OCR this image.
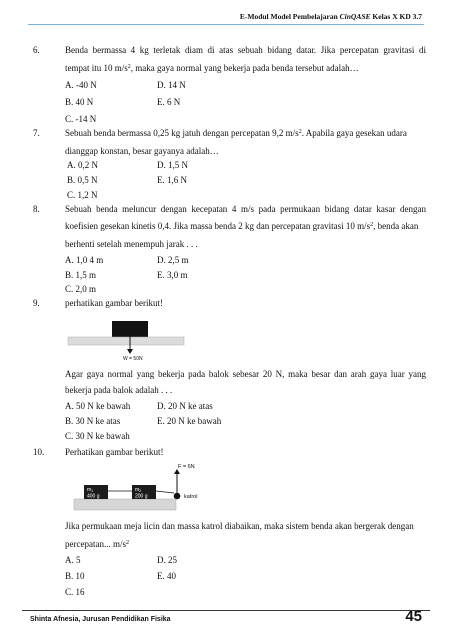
E-Modul Model Pembelajaran CinQASE Kelas X KD 3.7
6.	Benda bermassa 4 kg terletak diam di atas sebuah bidang datar. Jika percepatan gravitasi di
tempat itu 10 $m/s^2$, maka gaya normal yang bekerja pada benda tersebut adalah…
A. -40 N	D. 14 N
B. 40 N	E. 6 N
C. -14 N
7.	Sebuah benda bermassa 0,25 kg jatuh dengan percepatan 9,2 $m/s^2$. Apabila gaya gesekan udara
dianggap konstan, besar gayanya adalah…
A. 0,2 N	D. 1,5 N
B. 0,5 N	E. 1,6 N
C. 1,2 N
8.	Sebuah benda meluncur dengan kecepatan 4 m/s pada permukaan bidang datar kasar dengan
koefisien gesekan kinetis 0,4. Jika massa benda 2 kg dan percepatan gravitasi 10 $m/s^2$, benda akan
berhenti setelah menempuh jarak . . .
A. 1,0 4 m	D. 2,5 m
B. 1,5 m	E. 3,0 m
C. 2,0 m
9.	perhatikan gambar berikut!
W = 50N
Agar gaya normal yang bekerja pada balok sebesar 20 N, maka besar dan arah gaya luar yang
bekerja pada balok adalah . . .
A. 50 N ke bawah	D. 20 N ke atas
B. 30 N ke atas	E. 20 N ke bawah
C. 30 N ke bawah
10. Perhatikan gambar berikut!
F = 6N
katrol
$m_1$
400 g
$m_2$
200 g
Jika permukaan meja licin dan massa katrol diabaikan, maka sistem benda akan bergerak dengan
percepatan... $m/s^2$
A. 5	D. 25
B. 10	E. 40
C. 16
Shinta Afnesia, Jurusan Pendidikan Fisika	45
